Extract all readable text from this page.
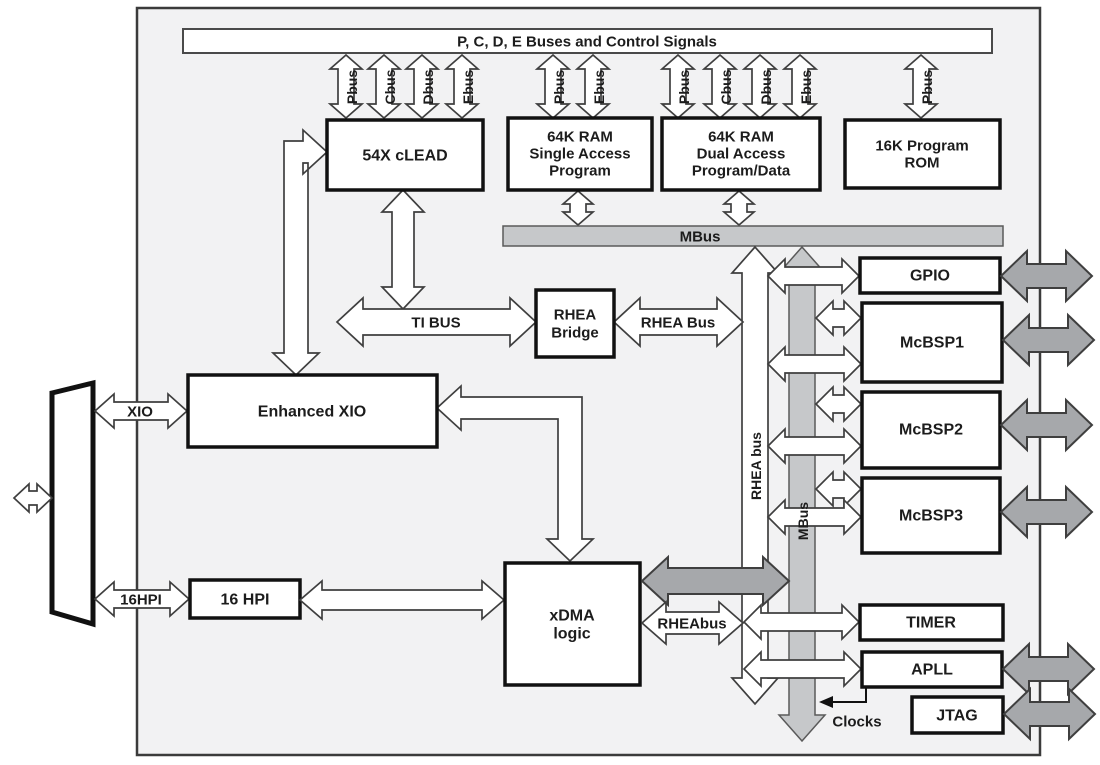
P, C, D, E Buses and Control Signals
Pbus Cbus Dbus Ebus	Pbus Ebus	Pbus Cbus Dbus Ebus	Pbus
MBus
TI BUS	RHEA Bus
RHEA
Bridge
54X cLEAD
64K RAM
Single Access
Program
64K RAM
Dual Access
Program/Data
16K Program
ROM
XIO	Enhanced XIO
16HPI	16 HPI
xDMA
logic
RHEAbus
RHEA bus
MBus
GPIO
McBSP1
McBSP2
McBSP3
TIMER
APLL
JTAG
Clocks
